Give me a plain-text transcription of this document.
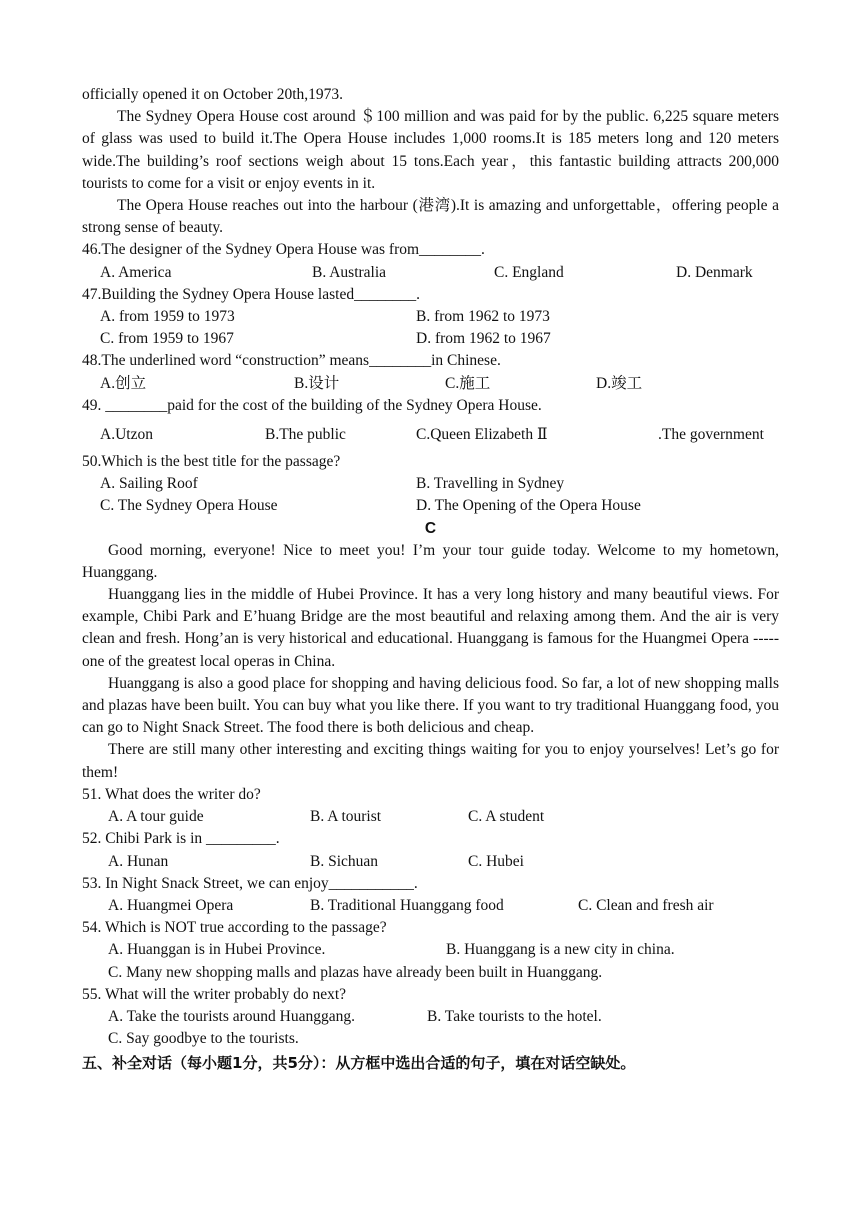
officially opened it on October 20th,1973.
The Sydney Opera House cost around ＄100 million and was paid for by the public. 6,225 square meters of glass was used to build it.The Opera House includes 1,000 rooms.It is 185 meters long and 120 meters wide.The building’s roof sections weigh about 15 tons.Each year，this fantastic building attracts 200,000 tourists to come for a visit or enjoy events in it.
The Opera House reaches out into the harbour (港湾).It is amazing and unforgettable，offering people a strong sense of beauty.
46.The designer of the Sydney Opera House was from________.
A. America	B. Australia	C. England	D. Denmark
47.Building the Sydney Opera House lasted________.
A. from 1959 to 1973	B. from 1962 to 1973
C. from 1959 to 1967	D. from 1962 to 1967
48.The underlined word “construction” means________in Chinese.
A.创立	B.设计	C.施工	D.竣工
49. ________paid for the cost of the building of the Sydney Opera House.
A.Utzon	B.The public	C.Queen Elizabeth Ⅱ	.The government
50.Which is the best title for the passage?
A. Sailing Roof	B. Travelling in Sydney
C. The Sydney Opera House	D. The Opening of the Opera House
C
Good morning, everyone! Nice to meet you! I’m your tour guide today. Welcome to my hometown, Huanggang.
Huanggang lies in the middle of Hubei Province. It has a very long history and many beautiful views. For example, Chibi Park and E’huang Bridge are the most beautiful and relaxing among them. And the air is very clean and fresh. Hong’an is very historical and educational. Huanggang is famous for the Huangmei Opera -----one of the greatest local operas in China.
Huanggang is also a good place for shopping and having delicious food. So far, a lot of new shopping malls and plazas have been built. You can buy what you like there. If you want to try traditional Huanggang food, you can go to Night Snack Street. The food there is both delicious and cheap.
There are still many other interesting and exciting things waiting for you to enjoy yourselves! Let’s go for them!
51. What does the writer do?
A. A tour guide	B. A tourist	C. A student
52. Chibi Park is in _________.
A. Hunan	B. Sichuan	C. Hubei
53. In Night Snack Street, we can enjoy___________.
A. Huangmei Opera	B. Traditional Huanggang food	C. Clean and fresh air
54. Which is NOT true according to the passage?
A. Huanggan is in Hubei Province.	B. Huanggang is a new city in china.
C. Many new shopping malls and plazas have already been built in Huanggang.
55. What will the writer probably do next?
A. Take the tourists around Huanggang.	B. Take tourists to the hotel.
C. Say goodbye to the tourists.
五、补全对话（每小题1分，共5分）：从方框中选出合适的句子，填在对话空缺处。
